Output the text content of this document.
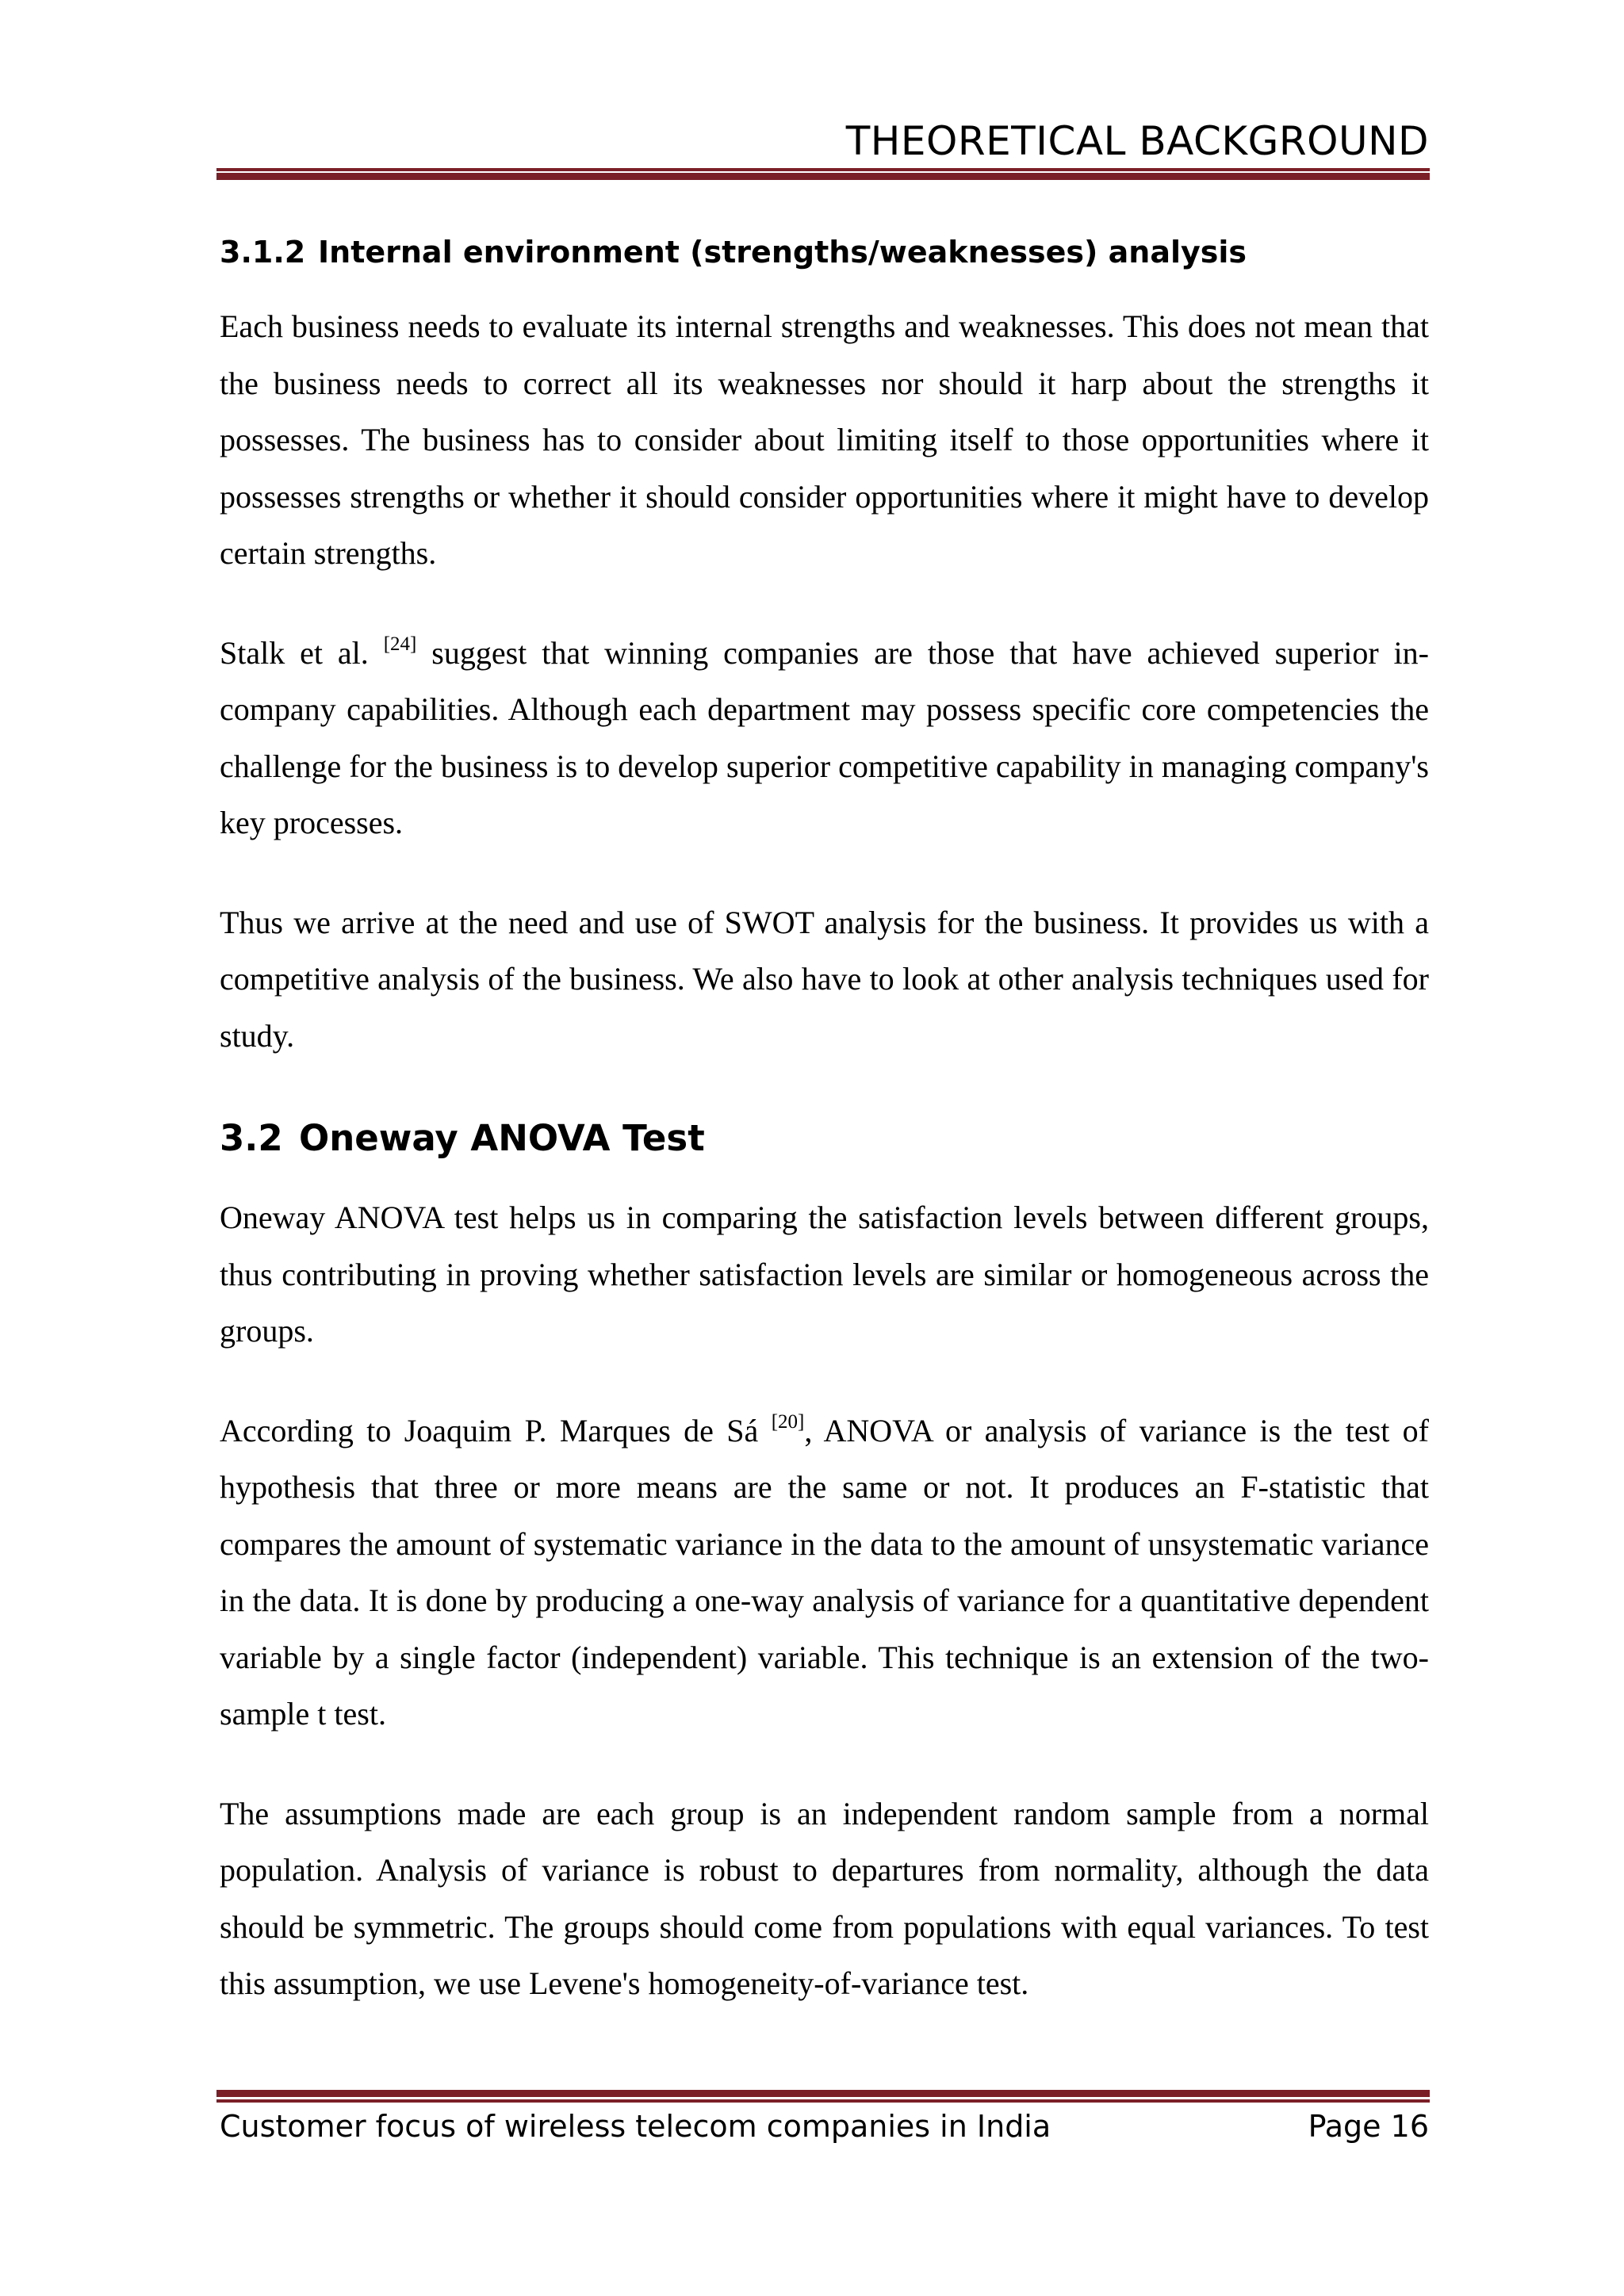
THEORETICAL BACKGROUND
3.1.2 Internal environment (strengths/weaknesses) analysis

Each business needs to evaluate its internal strengths and weaknesses. This does not mean that the business needs to correct all its weaknesses nor should it harp about the strengths it possesses. The business has to consider about limiting itself to those opportunities where it possesses strengths or whether it should consider opportunities where it might have to develop certain strengths.

Stalk et al. [24] suggest that winning companies are those that have achieved superior in-company capabilities. Although each department may possess specific core competencies the challenge for the business is to develop superior competitive capability in managing company's key processes.

Thus we arrive at the need and use of SWOT analysis for the business. It provides us with a competitive analysis of the business. We also have to look at other analysis techniques used for study.

3.2 Oneway ANOVA Test

Oneway ANOVA test helps us in comparing the satisfaction levels between different groups, thus contributing in proving whether satisfaction levels are similar or homogeneous across the groups.

According to Joaquim P. Marques de Sá [20], ANOVA or analysis of variance is the test of hypothesis that three or more means are the same or not. It produces an F-statistic that compares the amount of systematic variance in the data to the amount of unsystematic variance in the data. It is done by producing a one-way analysis of variance for a quantitative dependent variable by a single factor (independent) variable. This technique is an extension of the two-sample t test.

The assumptions made are each group is an independent random sample from a normal population. Analysis of variance is robust to departures from normality, although the data should be symmetric. The groups should come from populations with equal variances. To test this assumption, we use Levene's homogeneity-of-variance test.

Customer focus of wireless telecom companies in India	Page 16
